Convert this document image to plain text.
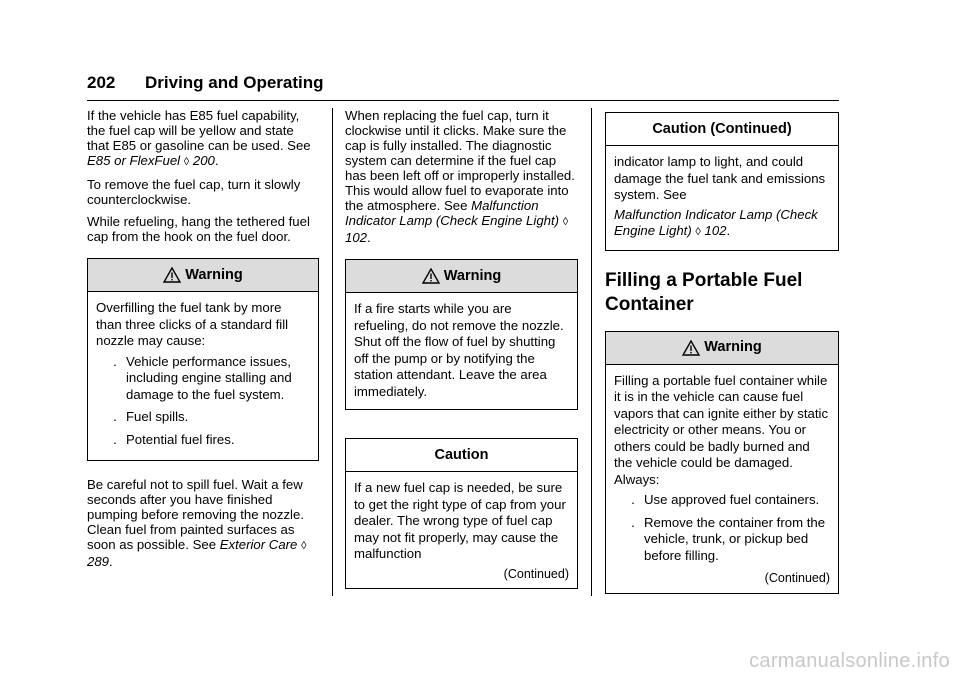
202 Driving and Operating

If the vehicle has E85 fuel capability, the fuel cap will be yellow and state that E85 or gasoline can be used. See E85 or FlexFuel ◊ 200.

To remove the fuel cap, turn it slowly counterclockwise.

While refueling, hang the tethered fuel cap from the hook on the fuel door.

Warning

Overfilling the fuel tank by more than three clicks of a standard fill nozzle may cause:

. Vehicle performance issues, including engine stalling and damage to the fuel system.
. Fuel spills.
. Potential fuel fires.

Be careful not to spill fuel. Wait a few seconds after you have finished pumping before removing the nozzle. Clean fuel from painted surfaces as soon as possible. See Exterior Care ◊ 289.

When replacing the fuel cap, turn it clockwise until it clicks. Make sure the cap is fully installed. The diagnostic system can determine if the fuel cap has been left off or improperly installed. This would allow fuel to evaporate into the atmosphere. See Malfunction Indicator Lamp (Check Engine Light) ◊ 102.

Warning

If a fire starts while you are refueling, do not remove the nozzle. Shut off the flow of fuel by shutting off the pump or by notifying the station attendant. Leave the area immediately.

Caution

If a new fuel cap is needed, be sure to get the right type of cap from your dealer. The wrong type of fuel cap may not fit properly, may cause the malfunction

(Continued)
Caution (Continued)

indicator lamp to light, and could damage the fuel tank and emissions system. See

Malfunction Indicator Lamp (Check Engine Light) ◊ 102.

Filling a Portable Fuel Container
Warning

Filling a portable fuel container while it is in the vehicle can cause fuel vapors that can ignite either by static electricity or other means. You or others could be badly burned and the vehicle could be damaged. Always:

. Use approved fuel containers.
. Remove the container from the vehicle, trunk, or pickup bed before filling.
(Continued)
carmanualsonline.info
